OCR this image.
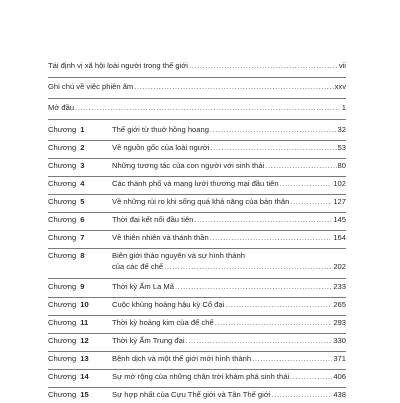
Tái định vị xã hội loài người trong thế giới .....	vii
Ghi chú về việc phiên âm .....	xxv
Mở đầu .....	1
Chương 1	Thế giới từ thuở hồng hoang .....	32
Chương 2	Về nguồn gốc của loài người .....	53
Chương 3	Những tương tác của con người với sinh thái .....	80
Chương 4	Các thành phố và mạng lưới thương mại đầu tiên .....	102
Chương 5	Về những rủi ro khi sống quá khả năng của bản thân .....	127
Chương 6	Thời đại kết nối đầu tiên .....	145
Chương 7	Về thiên nhiên và thánh thần .....	164
Chương 8	Biên giới thảo nguyên và sự hình thành
của các đế chế .....	202
Chương 9	Thời kỳ Ấm La Mã .....	233
Chương 10	Cuộc khủng hoảng hậu kỳ Cổ đại .....	265
Chương 11	Thời kỳ hoàng kim của đế chế .....	293
Chương 12	Thời kỳ Ấm Trung đại .....	330
Chương 13	Bệnh dịch và một thế giới mới hình thành .....	371
Chương 14	Sự mở rộng của những chân trời khám phá sinh thái .....	406
Chương 15	Sự hợp nhất của Cựu Thế giới và Tân Thế giới .....	438
